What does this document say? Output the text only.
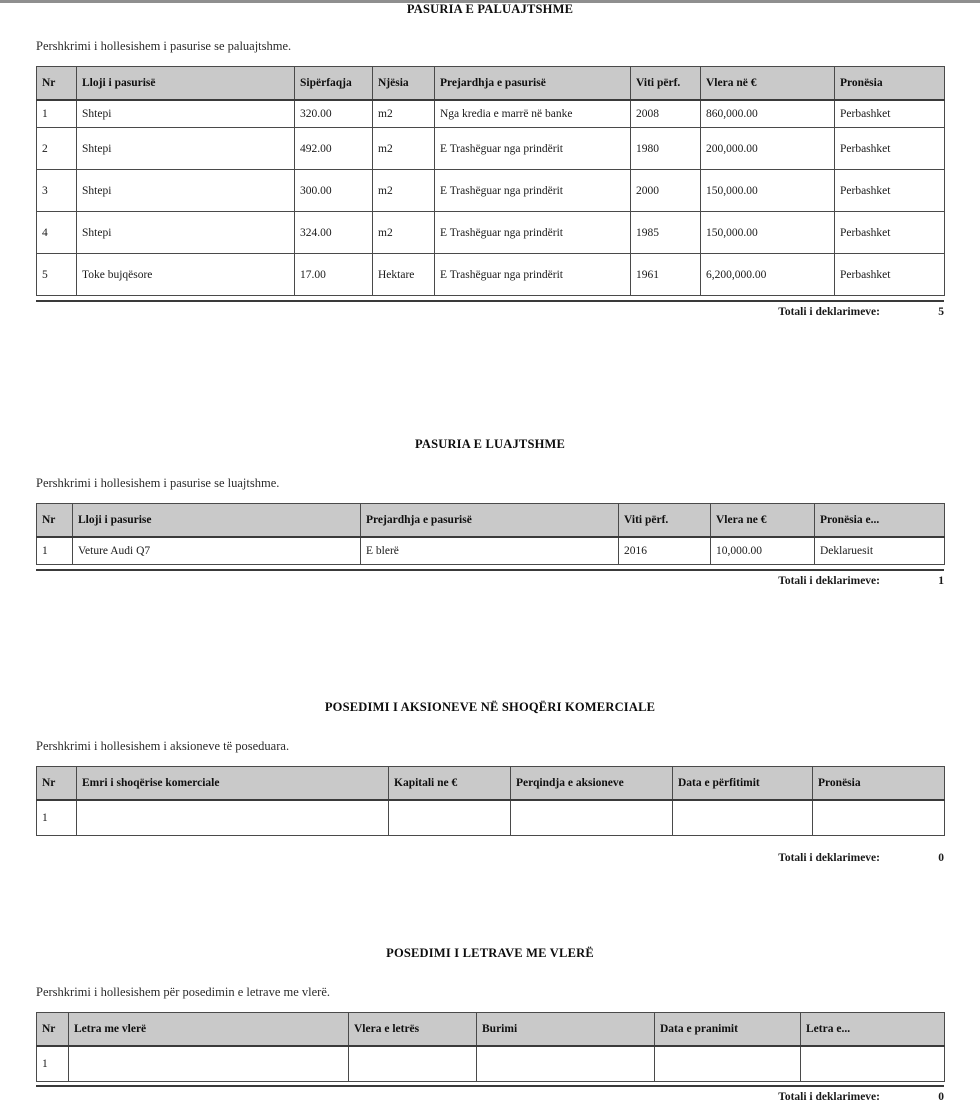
PASURIA E PALUAJTSHME
Pershkrimi i hollesishem i pasurise se paluajtshme.
Nr	Lloji i pasurisë	Sipërfaqja	Njësia	Prejardhja e pasurisë	Viti përf.	Vlera në €	Pronësia
1	Shtepi	320.00	m2	Nga kredia e marrë në banke	2008	860,000.00	Perbashket
2	Shtepi	492.00	m2	E Trashëguar nga prindërit	1980	200,000.00	Perbashket
3	Shtepi	300.00	m2	E Trashëguar nga prindërit	2000	150,000.00	Perbashket
4	Shtepi	324.00	m2	E Trashëguar nga prindërit	1985	150,000.00	Perbashket
5	Toke bujqësore	17.00	Hektare	E Trashëguar nga prindërit	1961	6,200,000.00	Perbashket
Totali i deklarimeve:	5
PASURIA E LUAJTSHME
Pershkrimi i hollesishem i pasurise se luajtshme.
Nr	Lloji i pasurise	Prejardhja e pasurisë	Viti përf.	Vlera ne €	Pronësia e...
1	Veture Audi Q7	E blerë	2016	10,000.00	Deklaruesit
Totali i deklarimeve:	1
POSEDIMI I AKSIONEVE NË SHOQËRI KOMERCIALE
Pershkrimi i hollesishem i aksioneve të poseduara.
Nr	Emri i shoqërise komerciale	Kapitali ne €	Perqindja e aksioneve	Data e përfitimit	Pronësia
1					
Totali i deklarimeve:	0
POSEDIMI I LETRAVE ME VLERË
Pershkrimi i hollesishem për posedimin e letrave me vlerë.
Nr	Letra me vlerë	Vlera e letrës	Burimi	Data e pranimit	Letra e...
1					
Totali i deklarimeve:	0
